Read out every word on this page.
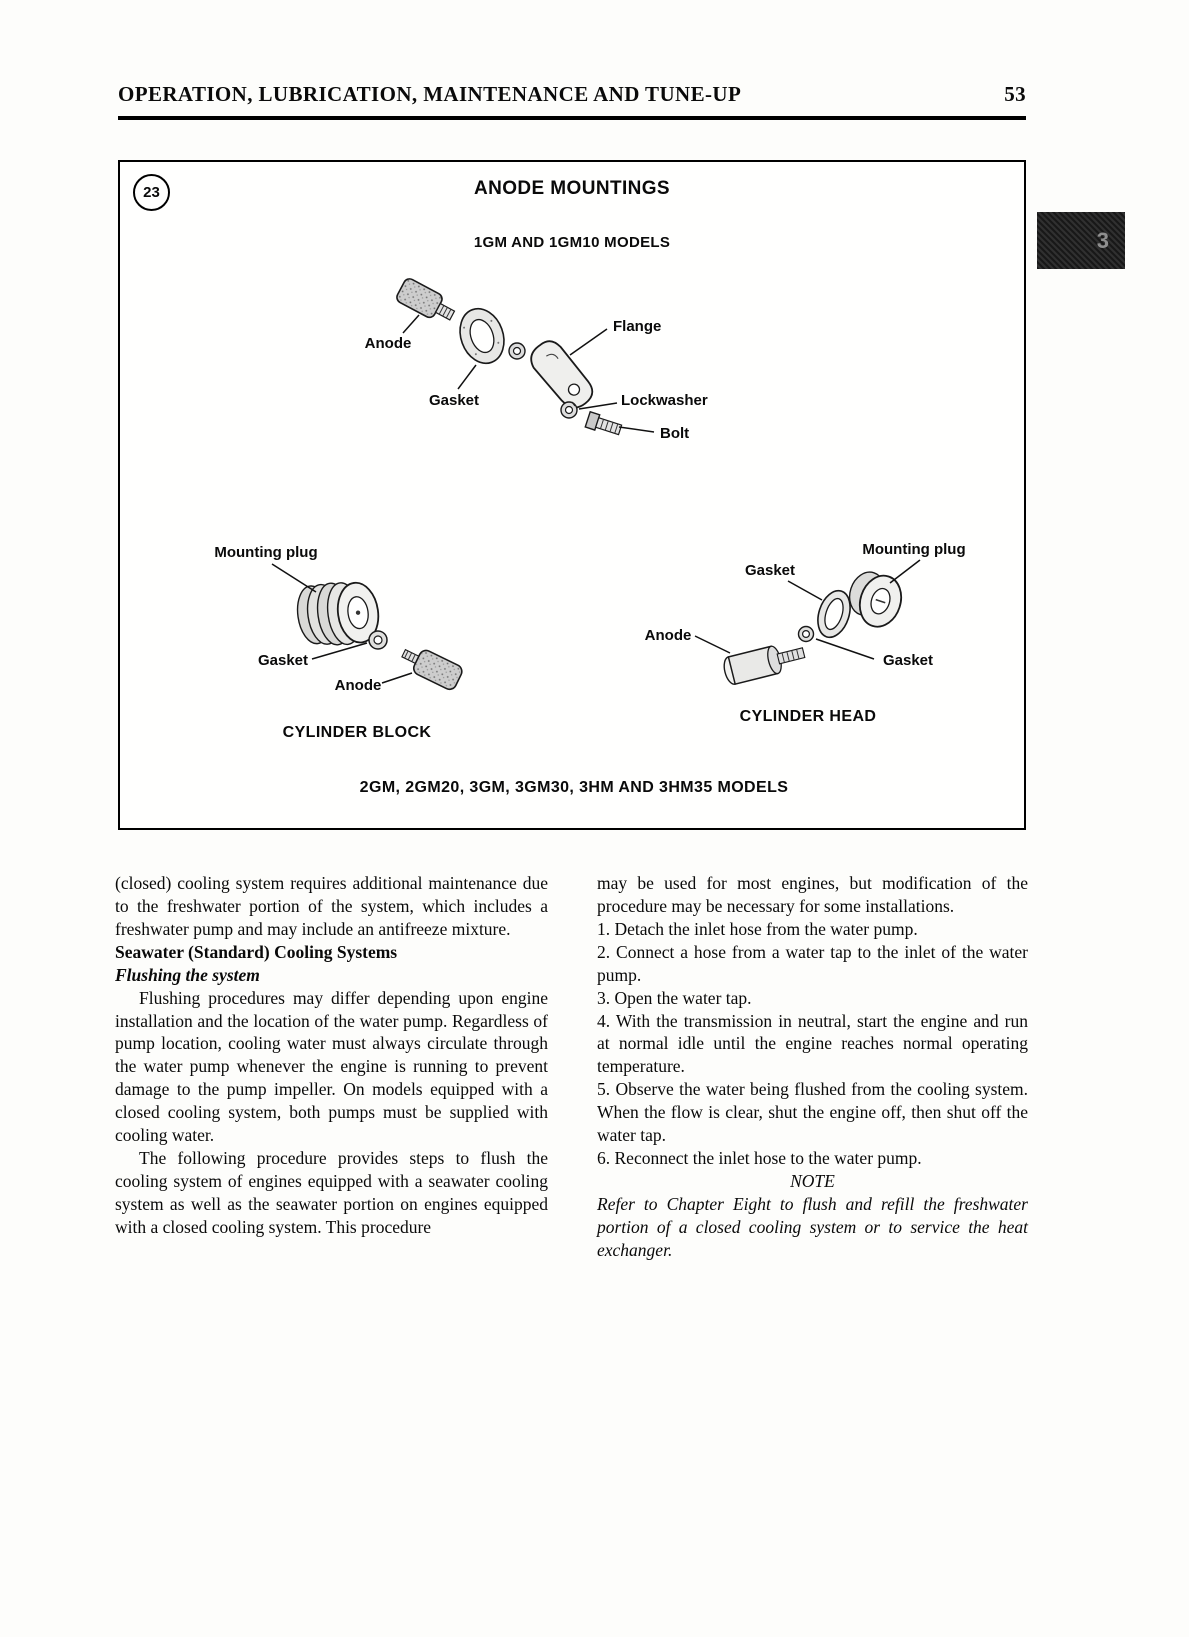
OPERATION, LUBRICATION, MAINTENANCE AND TUNE-UP	53
3
23	ANODE MOUNTINGS
1GM AND 1GM10 MODELS
Anode
Gasket
Flange
Lockwasher
Bolt
Mounting plug
Gasket
Anode
CYLINDER BLOCK
Mounting plug
Gasket
Anode
Gasket
CYLINDER HEAD
2GM, 2GM20, 3GM, 3GM30, 3HM AND 3HM35 MODELS

(closed) cooling system requires additional maintenance due to the freshwater portion of the system, which includes a freshwater pump and may include an antifreeze mixture.

Seawater (Standard) Cooling Systems

Flushing the system

Flushing procedures may differ depending upon engine installation and the location of the water pump. Regardless of pump location, cooling water must always circulate through the water pump whenever the engine is running to prevent damage to the pump impeller. On models equipped with a closed cooling system, both pumps must be supplied with cooling water.

The following procedure provides steps to flush the cooling system of engines equipped with a seawater cooling system as well as the seawater portion on engines equipped with a closed cooling system. This procedure

may be used for most engines, but modification of the procedure may be necessary for some installations.

1. Detach the inlet hose from the water pump.

2. Connect a hose from a water tap to the inlet of the water pump.

3. Open the water tap.

4. With the transmission in neutral, start the engine and run at normal idle until the engine reaches normal operating temperature.

5. Observe the water being flushed from the cooling system. When the flow is clear, shut the engine off, then shut off the water tap.

6. Reconnect the inlet hose to the water pump.

NOTE

Refer to Chapter Eight to flush and refill the freshwater portion of a closed cooling system or to service the heat exchanger.
